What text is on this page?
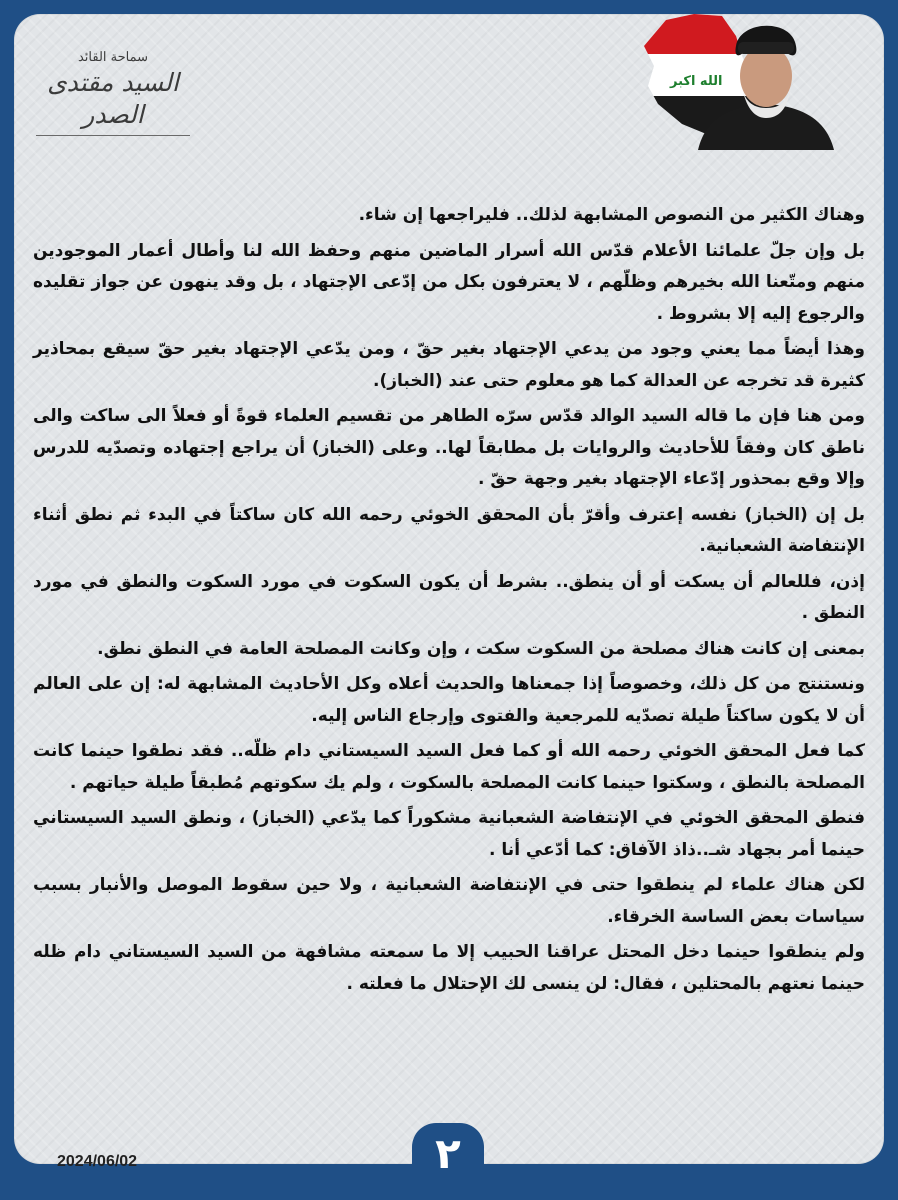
سماحة القائد
السيد مقتدى الصدر
الله اكبر

وهناك الكثير من النصوص المشابهة لذلك.. فليراجعها إن شاء.

بل وإن جلّ علمائنا الأعلام قدّس الله أسرار الماضين منهم وحفظ الله لنا وأطال أعمار الموجودين منهم ومتّعنا الله بخيرهم وظلّهم ، لا يعترفون بكل من إدّعى الإجتهاد ، بل وقد ينهون عن جواز تقليده والرجوع إليه إلا بشروط .

وهذا أيضاً مما يعني وجود من يدعي الإجتهاد بغير حقّ ، ومن يدّعي الإجتهاد بغير حقّ سيقع بمحاذير كثيرة قد تخرجه عن العدالة كما هو معلوم حتى عند (الخباز).

ومن هنا فإن ما قاله السيد الوالد قدّس سرّه الطاهر من تقسيم العلماء قوةً أو فعلاً الى ساكت والى ناطق كان وفقاً للأحاديث والروايات بل مطابقاً لها.. وعلى (الخباز) أن يراجع إجتهاده وتصدّيه للدرس وإلا وقع بمحذور إدّعاء الإجتهاد بغير وجهة حقّ .

بل إن (الخباز) نفسه إعترف وأقرّ بأن المحقق الخوئي رحمه الله كان ساكتاً في البدء ثم نطق أثناء الإنتفاضة الشعبانية.

إذن، فللعالم أن يسكت أو أن ينطق.. بشرط أن يكون السكوت في مورد السكوت والنطق في مورد النطق .

بمعنى إن كانت هناك مصلحة من السكوت سكت ، وإن وكانت المصلحة العامة في النطق نطق.

ونستنتج من كل ذلك، وخصوصاً إذا جمعناها والحديث أعلاه وكل الأحاديث المشابهة له: إن على العالم أن لا يكون ساكتاً طيلة تصدّيه للمرجعية والفتوى وإرجاع الناس إليه.

كما فعل المحقق الخوئي رحمه الله أو كما فعل السيد السيستاني دام ظلّه.. فقد نطقوا حينما كانت المصلحة بالنطق ، وسكتوا حينما كانت المصلحة بالسكوت ، ولم يك سكوتهم مُطبقاً طيلة حياتهم .

فنطق المحقق الخوئي في الإنتفاضة الشعبانية مشكوراً كما يدّعي (الخباز) ، ونطق السيد السيستاني حينما أمر بجهاد شـ..ذاذ الآفاق: كما أدّعي أنا .

لكن هناك علماء لم ينطقوا حتى في الإنتفاضة الشعبانية ، ولا حين سقوط الموصل والأنبار بسبب سياسات بعض الساسة الخرقاء.

ولم ينطقوا حينما دخل المحتل عراقنا الحبيب إلا ما سمعته مشافهة من السيد السيستاني دام ظله حينما نعتهم بالمحتلين ، فقال: لن ينسى لك الإحتلال ما فعلته .

2024/06/02	٢
